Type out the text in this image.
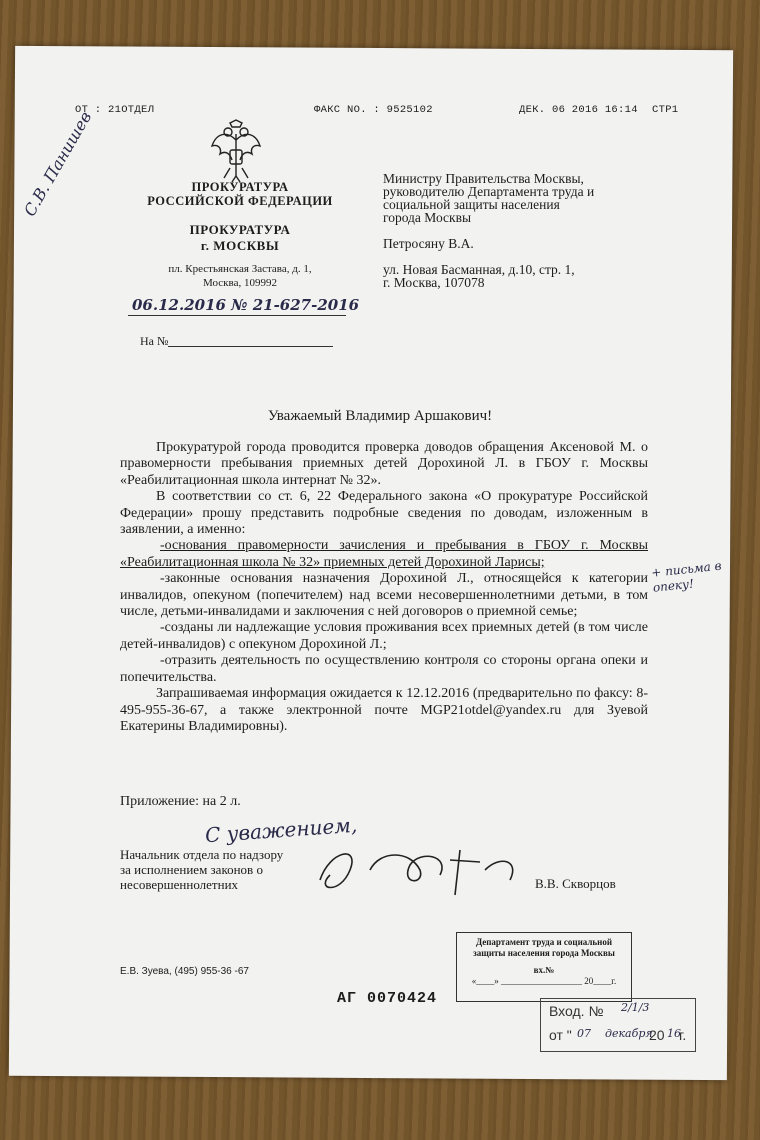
ОТ : 21ОТДЕЛ	ФАКС NO. : 9525102	ДЕК. 06 2016 16:14 СТР1
ПРОКУРАТУРА
РОССИЙСКОЙ ФЕДЕРАЦИИ
ПРОКУРАТУРА
г. МОСКВЫ
пл. Крестьянская Застава, д. 1,
Москва, 109992
06.12.2016 № 21-627-2016
На №
Министру Правительства Москвы,
руководителю Департамента труда и
социальной защиты населения
города Москвы
Петросяну В.А.
ул. Новая Басманная, д.10, стр. 1,
г. Москва, 107078
Уважаемый Владимир Аршакович!

Прокуратурой города проводится проверка доводов обращения Аксеновой М. о правомерности пребывания приемных детей Дорохиной Л. в ГБОУ г. Москвы «Реабилитационная школа интернат № 32».

В соответствии со ст. 6, 22 Федерального закона «О прокуратуре Российской Федерации» прошу представить подробные сведения по доводам, изложенным в заявлении, а именно:

-основания правомерности зачисления и пребывания в ГБОУ г. Москвы «Реабилитационная школа № 32» приемных детей Дорохиной Ларисы;

-законные основания назначения Дорохиной Л., относящейся к категории инвалидов, опекуном (попечителем) над всеми несовершеннолетними детьми, в том числе, детьми-инвалидами и заключения с ней договоров о приемной семье;

-созданы ли надлежащие условия проживания всех приемных детей (в том числе детей-инвалидов) с опекуном Дорохиной Л.;

-отразить деятельность по осуществлению контроля со стороны органа опеки и попечительства.

Запрашиваемая информация ожидается к 12.12.2016 (предварительно по факсу: 8-495-955-36-67, а также электронной почте MGP21otdel@yandex.ru для Зуевой Екатерины Владимировны).

Приложение: на 2 л.
С уважением,
Начальник отдела по надзору
за исполнением законов о
несовершеннолетних	В.В. Скворцов
Е.В. Зуева, (495) 955-36 -67
АГ 0070424
Департамент труда и социальной
защиты населения города Москвы
вх.№
«____» __________________ 20____г.
Вход. № 2/1/3
от " 07 декабря
20 16
г.
С.В. Панишев
+ письма в опеку!
